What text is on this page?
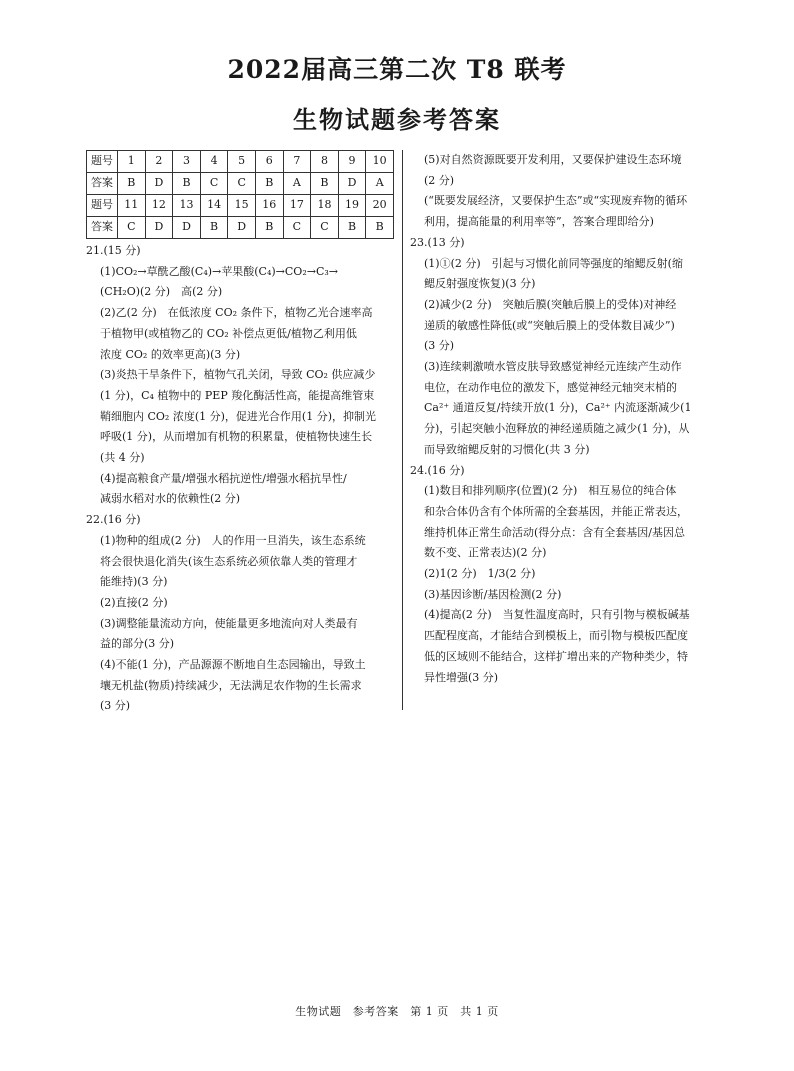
2022届高三第二次 T8 联考
生物试题参考答案
题号	1	2	3	4	5	6	7	8	9	10
答案	B	D	B	C	C	B	A	B	D	A
题号	11	12	13	14	15	16	17	18	19	20
答案	C	D	D	B	D	B	C	C	B	B

21.(15 分)

(1)CO₂→草酰乙酸(C₄)→苹果酸(C₄)→CO₂→C₃→

(CH₂O)(2 分)　高(2 分)

(2)乙(2 分)　在低浓度 CO₂ 条件下，植物乙光合速率高

于植物甲(或植物乙的 CO₂ 补偿点更低/植物乙利用低

浓度 CO₂ 的效率更高)(3 分)

(3)炎热干旱条件下，植物气孔关闭，导致 CO₂ 供应减少

(1 分)，C₄ 植物中的 PEP 羧化酶活性高，能提高维管束

鞘细胞内 CO₂ 浓度(1 分)，促进光合作用(1 分)，抑制光

呼吸(1 分)，从而增加有机物的积累量，使植物快速生长

(共 4 分)

(4)提高粮食产量/增强水稻抗逆性/增强水稻抗旱性/

减弱水稻对水的依赖性(2 分)

22.(16 分)

(1)物种的组成(2 分)　人的作用一旦消失，该生态系统

将会很快退化消失(该生态系统必须依靠人类的管理才

能维持)(3 分)

(2)直接(2 分)

(3)调整能量流动方向，使能量更多地流向对人类最有

益的部分(3 分)

(4)不能(1 分)，产品源源不断地自生态园输出，导致土

壤无机盐(物质)持续减少，无法满足农作物的生长需求

(3 分)

(5)对自然资源既要开发利用，又要保护建设生态环境

(2 分)

(“既要发展经济，又要保护生态”或“实现废弃物的循环

利用，提高能量的利用率等”，答案合理即给分)

23.(13 分)

(1)①(2 分)　引起与习惯化前同等强度的缩鳃反射(缩

鳃反射强度恢复)(3 分)

(2)减少(2 分)　突触后膜(突触后膜上的受体)对神经

递质的敏感性降低(或“突触后膜上的受体数目减少”)

(3 分)

(3)连续刺激喷水管皮肤导致感觉神经元连续产生动作

电位，在动作电位的激发下，感觉神经元轴突末梢的

Ca²⁺ 通道反复/持续开放(1 分)，Ca²⁺ 内流逐渐减少(1

分)，引起突触小泡释放的神经递质随之减少(1 分)，从

而导致缩鳃反射的习惯化(共 3 分)

24.(16 分)

(1)数目和排列顺序(位置)(2 分)　相互易位的纯合体

和杂合体仍含有个体所需的全套基因，并能正常表达，

维持机体正常生命活动(得分点：含有全套基因/基因总

数不变、正常表达)(2 分)

(2)1(2 分)　1/3(2 分)

(3)基因诊断/基因检测(2 分)

(4)提高(2 分)　当复性温度高时，只有引物与模板碱基

匹配程度高，才能结合到模板上，而引物与模板匹配度

低的区域则不能结合，这样扩增出来的产物种类少，特

异性增强(3 分)

生物试题　参考答案　第 1 页　共 1 页
